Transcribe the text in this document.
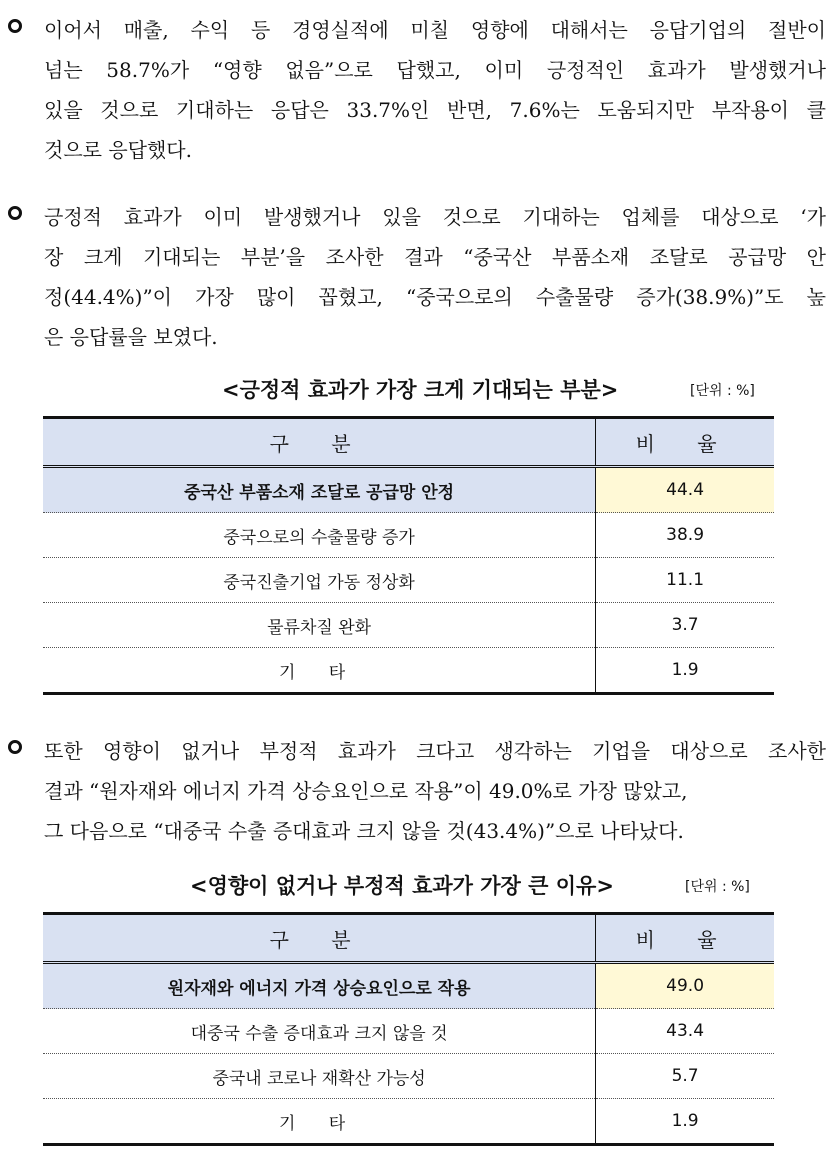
이어서 매출, 수익 등 경영실적에 미칠 영향에 대해서는 응답기업의 절반이
넘는 58.7%가 “영향 없음”으로 답했고, 이미 긍정적인 효과가 발생했거나
있을 것으로 기대하는 응답은 33.7%인 반면, 7.6%는 도움되지만 부작용이 클
것으로 응답했다.
긍정적 효과가 이미 발생했거나 있을 것으로 기대하는 업체를 대상으로 ‘가
장 크게 기대되는 부분’을 조사한 결과 “중국산 부품소재 조달로 공급망 안
정(44.4%)”이 가장 많이 꼽혔고, “중국으로의 수출물량 증가(38.9%)”도 높
은 응답률을 보였다.
<긍정적 효과가 가장 크게 기대되는 부분>	[단위 : %]
구 분	비 율
중국산 부품소재 조달로 공급망 안정	44.4
중국으로의 수출물량 증가	38.9
중국진출기업 가동 정상화	11.1
물류차질 완화	3.7
기 타	1.9
또한 영향이 없거나 부정적 효과가 크다고 생각하는 기업을 대상으로 조사한
결과 “원자재와 에너지 가격 상승요인으로 작용”이 49.0%로 가장 많았고,
그 다음으로 “대중국 수출 증대효과 크지 않을 것(43.4%)”으로 나타났다.
<영향이 없거나 부정적 효과가 가장 큰 이유>	[단위 : %]
구 분	비 율
원자재와 에너지 가격 상승요인으로 작용	49.0
대중국 수출 증대효과 크지 않을 것	43.4
중국내 코로나 재확산 가능성	5.7
기 타	1.9
